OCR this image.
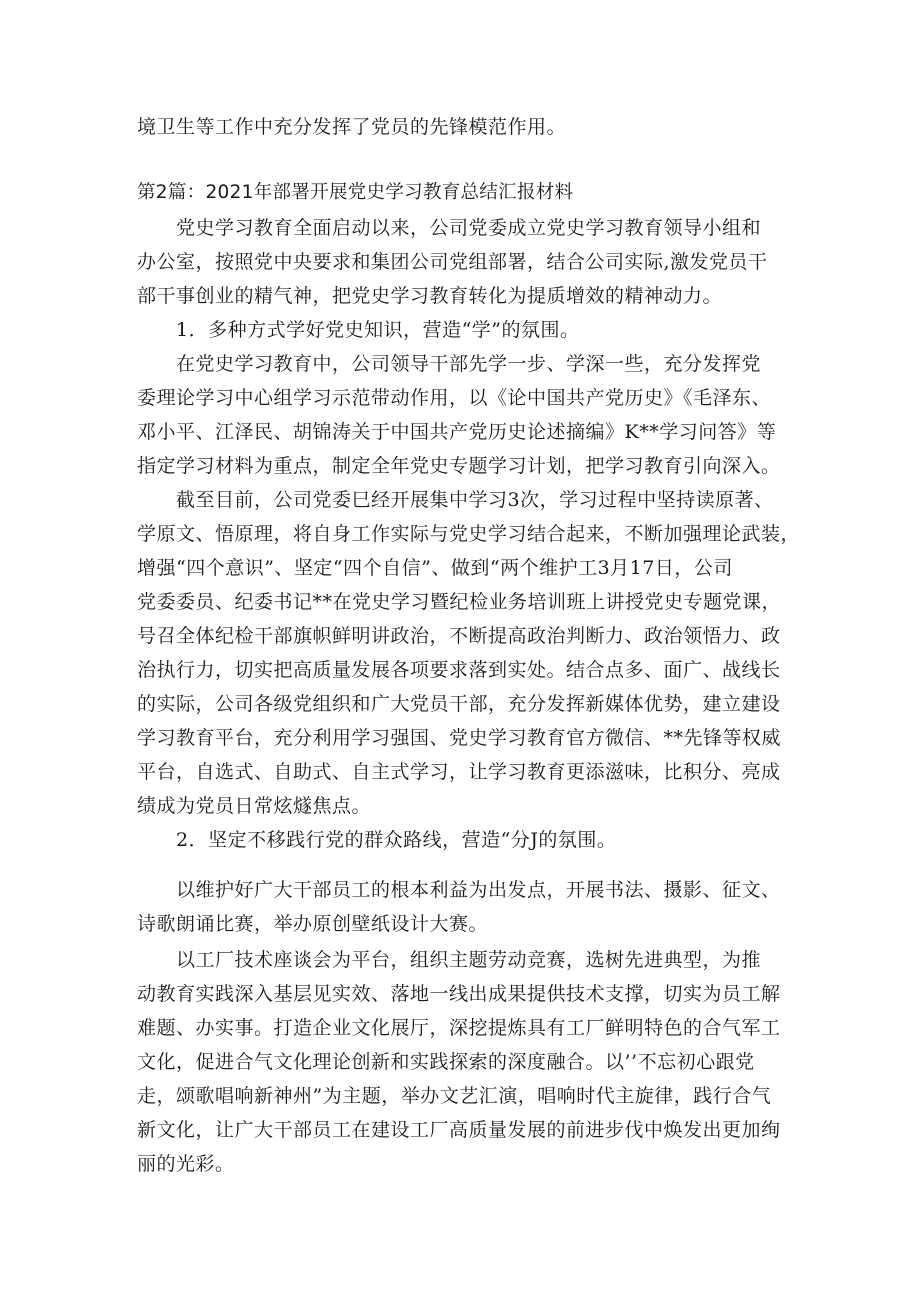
境卫生等工作中充分发挥了党员的先锋模范作用。
第2篇：2021年部署开展党史学习教育总结汇报材料
党史学习教育全面启动以来，公司党委成立党史学习教育领导小组和
办公室，按照党中央要求和集团公司党组部署，结合公司实际,激发党员干
部干事创业的精气神，把党史学习教育转化为提质增效的精神动力。
1．多种方式学好党史知识，营造“学”的氛围。
在党史学习教育中，公司领导干部先学一步、学深一些，充分发挥党
委理论学习中心组学习示范带动作用，以《论中国共产党历史》《毛泽东、
邓小平、江泽民、胡锦涛关于中国共产党历史论述摘编》K**学习问答》等
指定学习材料为重点，制定全年党史专题学习计划，把学习教育引向深入。
截至目前，公司党委巳经开展集中学习3次，学习过程中坚持读原著、
学原文、悟原理，将自身工作实际与党史学习结合起来，不断加强理论武装，
增强“四个意识”、坚定“四个自信”、做到“两个维护工3月17日，公司
党委委员、纪委书记**在党史学习暨纪检业务培训班上讲授党史专题党课，
号召全体纪检干部旗帜鲜明讲政治，不断提高政治判断力、政治领悟力、政
治执行力，切实把高质量发展各项要求落到实处。结合点多、面广、战线长
的实际，公司各级党组织和广大党员干部，充分发挥新媒体优势，建立建设
学习教育平台，充分利用学习强国、党史学习教育官方微信、**先锋等权威
平台，自选式、自助式、自主式学习，让学习教育更添滋味，比积分、亮成
绩成为党员日常炫燧焦点。
2．坚定不移践行党的群众路线，营造“分J的氛围。
以维护好广大干部员工的根本利益为出发点，开展书法、摄影、征文、
诗歌朗诵比赛，举办原创壁纸设计大赛。
以工厂技术座谈会为平台，组织主题劳动竞赛，选树先进典型，为推
动教育实践深入基层见实效、落地一线出成果提供技术支撑，切实为员工解
难题、办实事。打造企业文化展厅，深挖提炼具有工厂鲜明特色的合气军工
文化，促进合气文化理论创新和实践探索的深度融合。以’’不忘初心跟党
走，颂歌唱响新神州”为主题，举办文艺汇演，唱响时代主旋律，践行合气
新文化，让广大干部员工在建设工厂高质量发展的前进步伐中焕发出更加绚
丽的光彩。
